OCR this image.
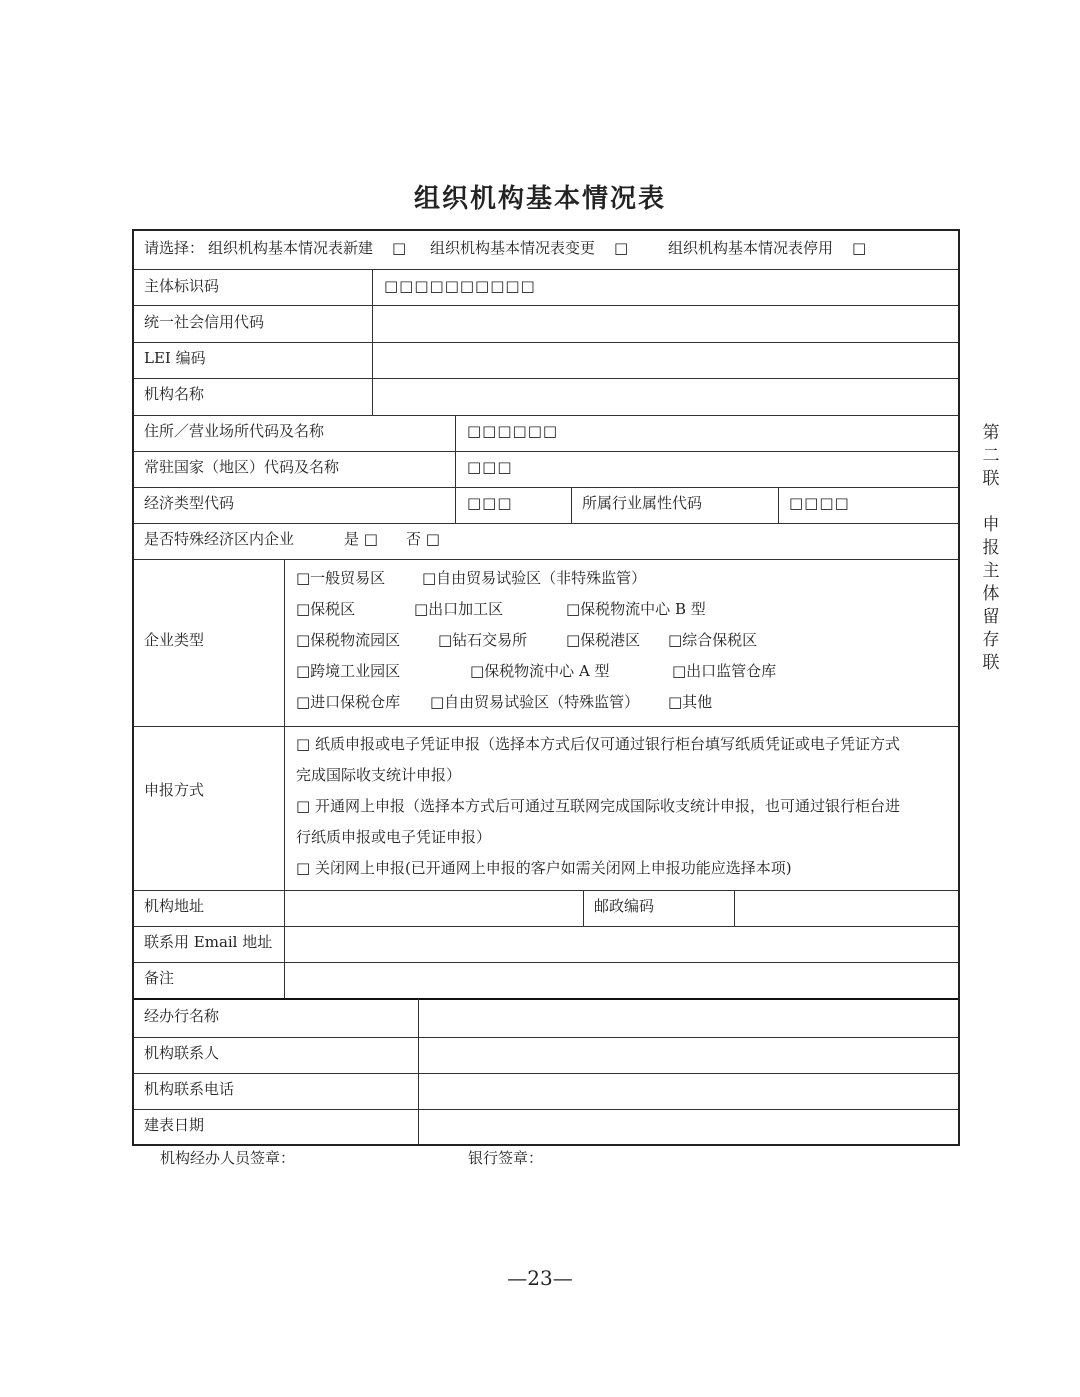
组织机构基本情况表
请选择： 组织机构基本情况表新建 □ 组织机构基本情况表变更 □	组织机构基本情况表停用 □
主体标识码	□□□□□□□□□□
统一社会信用代码
LEI 编码
机构名称
住所／营业场所代码及名称	□□□□□□
常驻国家（地区）代码及名称	□□□
经济类型代码	□□□	所属行业属性代码	□□□□
是否特殊经济区内企业	是 □ 否 □
企业类型
□一般贸易区 □自由贸易试验区（非特殊监管）
□保税区	□出口加工区	□保税物流中心 B 型
□保税物流园区	□钻石交易所	□保税港区 □综合保税区
□跨境工业园区	□保税物流中心 A 型	□出口监管仓库
□进口保税仓库 □自由贸易试验区（特殊监管） □其他
申报方式
□ 纸质申报或电子凭证申报（选择本方式后仅可通过银行柜台填写纸质凭证或电子凭证方式
完成国际收支统计申报）
□ 开通网上申报（选择本方式后可通过互联网完成国际收支统计申报，也可通过银行柜台进
行纸质申报或电子凭证申报）
□ 关闭网上申报(已开通网上申报的客户如需关闭网上申报功能应选择本项)
机构地址	邮政编码
联系用 Email 地址
备注
经办行名称
机构联系人
机构联系电话
建表日期
机构经办人员签章：	银行签章：
第
二
联
申
报
主
体
留
存
联
—23—
